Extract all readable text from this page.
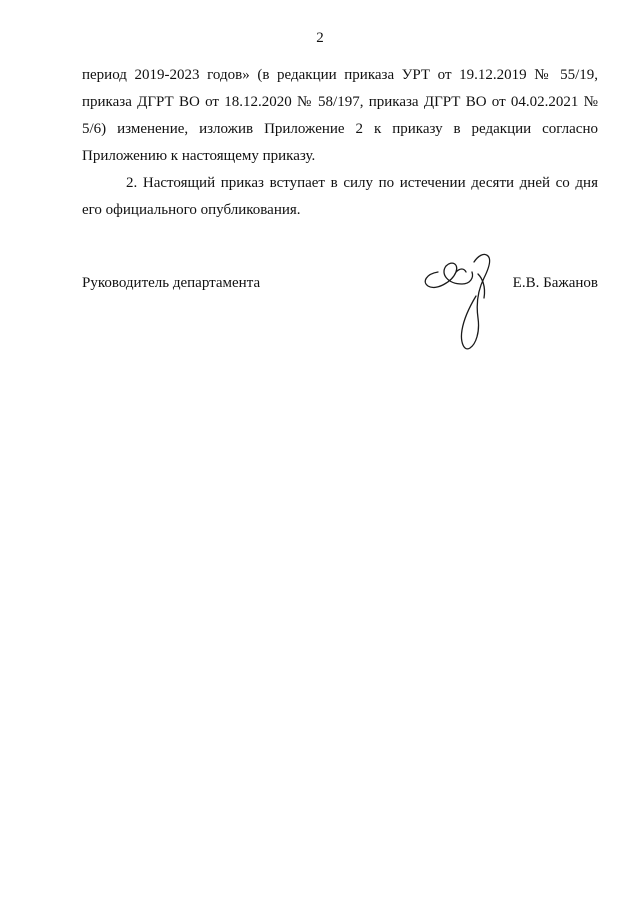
2

период 2019-2023 годов» (в редакции приказа УРТ от 19.12.2019 № 55/19,
приказа ДГРТ ВО от 18.12.2020 № 58/197, приказа ДГРТ ВО от 04.02.2021 №
5/6) изменение, изложив Приложение 2 к приказу в редакции согласно
Приложению к настоящему приказу.

2. Настоящий приказ вступает в силу по истечении десяти дней со дня
его официального опубликования.

Руководитель департамента	Е.В. Бажанов
